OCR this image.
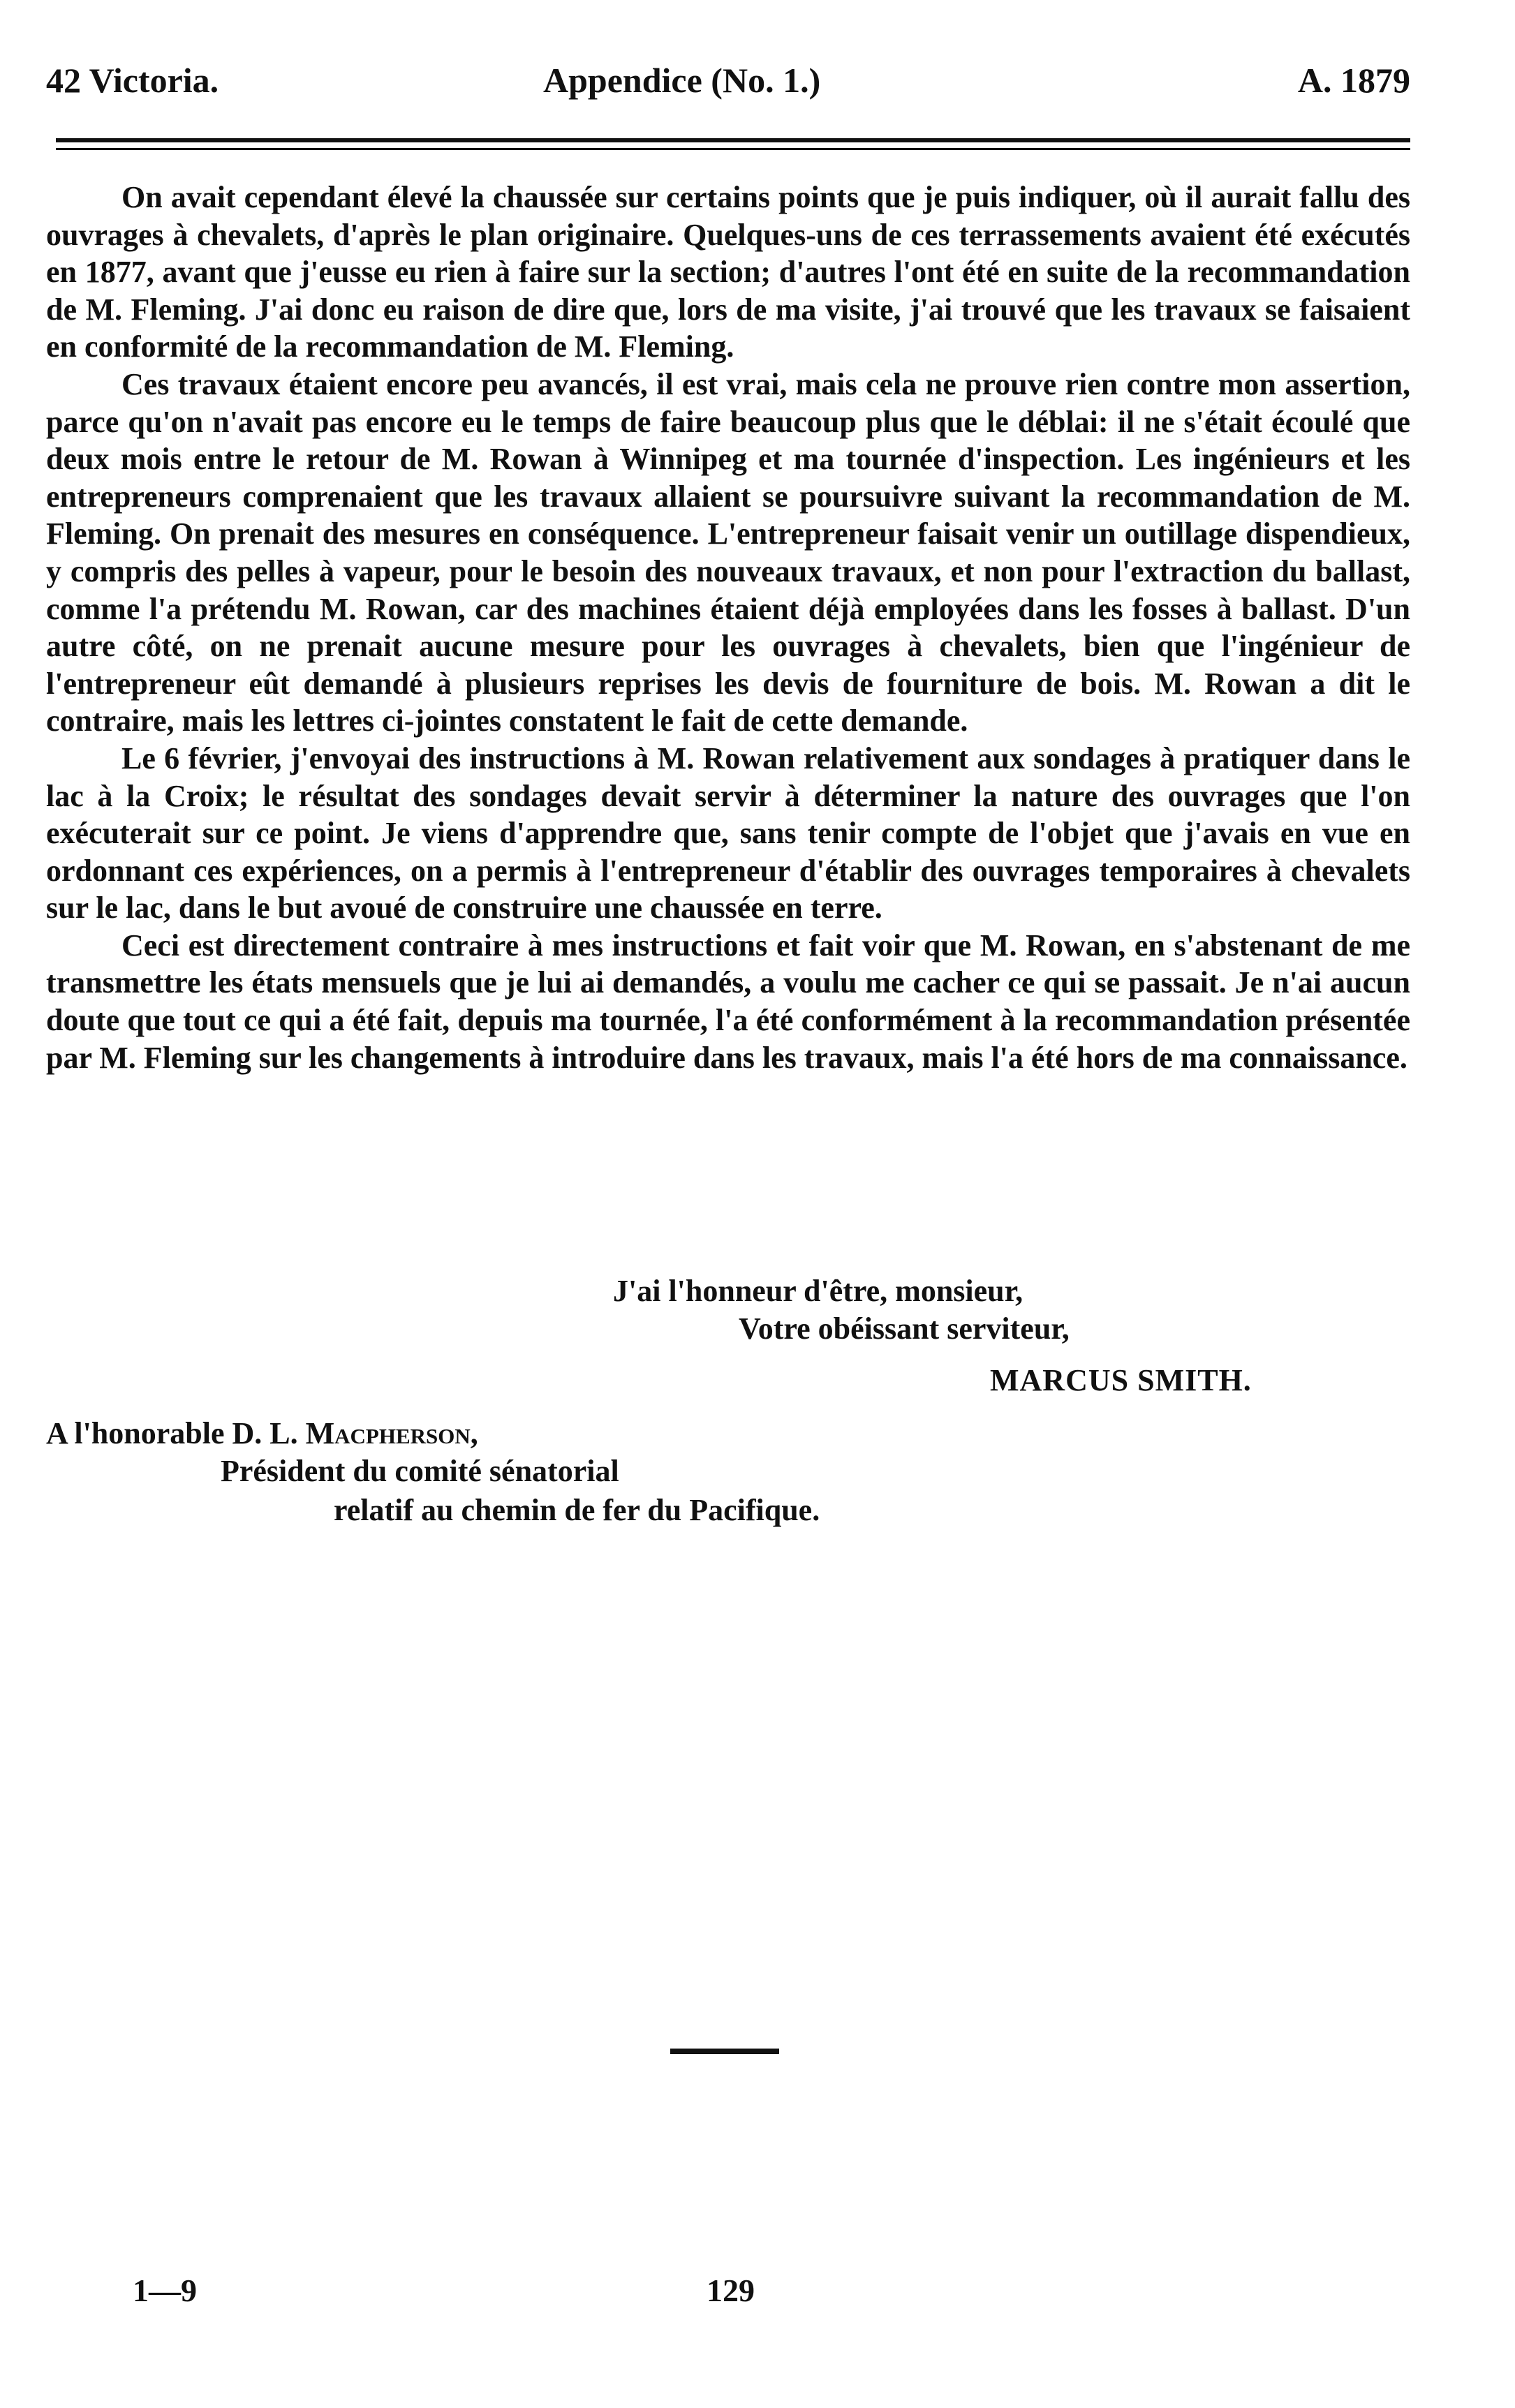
42 Victoria.	Appendice (No. 1.)	A. 1879

On avait cependant élevé la chaussée sur certains points que je puis indiquer, où il aurait fallu des ouvrages à chevalets, d'après le plan originaire. Quelques-uns de ces terrassements avaient été exécutés en 1877, avant que j'eusse eu rien à faire sur la section; d'autres l'ont été en suite de la recommandation de M. Fleming. J'ai donc eu raison de dire que, lors de ma visite, j'ai trouvé que les travaux se faisaient en conformité de la recommandation de M. Fleming.

Ces travaux étaient encore peu avancés, il est vrai, mais cela ne prouve rien contre mon assertion, parce qu'on n'avait pas encore eu le temps de faire beaucoup plus que le déblai: il ne s'était écoulé que deux mois entre le retour de M. Rowan à Winnipeg et ma tournée d'inspection. Les ingénieurs et les entrepreneurs comprenaient que les travaux allaient se poursuivre suivant la recommandation de M. Fleming. On prenait des mesures en conséquence. L'entrepreneur faisait venir un outillage dispendieux, y compris des pelles à vapeur, pour le besoin des nouveaux travaux, et non pour l'extraction du ballast, comme l'a prétendu M. Rowan, car des machines étaient déjà employées dans les fosses à ballast. D'un autre côté, on ne prenait aucune mesure pour les ouvrages à chevalets, bien que l'ingénieur de l'entrepreneur eût demandé à plusieurs reprises les devis de fourniture de bois. M. Rowan a dit le contraire, mais les lettres ci-jointes constatent le fait de cette demande.

Le 6 février, j'envoyai des instructions à M. Rowan relativement aux sondages à pratiquer dans le lac à la Croix; le résultat des sondages devait servir à déterminer la nature des ouvrages que l'on exécuterait sur ce point. Je viens d'apprendre que, sans tenir compte de l'objet que j'avais en vue en ordonnant ces expériences, on a permis à l'entrepreneur d'établir des ouvrages temporaires à chevalets sur le lac, dans le but avoué de construire une chaussée en terre.

Ceci est directement contraire à mes instructions et fait voir que M. Rowan, en s'abstenant de me transmettre les états mensuels que je lui ai demandés, a voulu me cacher ce qui se passait. Je n'ai aucun doute que tout ce qui a été fait, depuis ma tournée, l'a été conformément à la recommandation présentée par M. Fleming sur les changements à introduire dans les travaux, mais l'a été hors de ma connaissance.

J'ai l'honneur d'être, monsieur,
Votre obéissant serviteur,
MARCUS SMITH.
A l'honorable D. L. Macpherson,
Président du comité sénatorial
relatif au chemin de fer du Pacifique.
1—9	129
